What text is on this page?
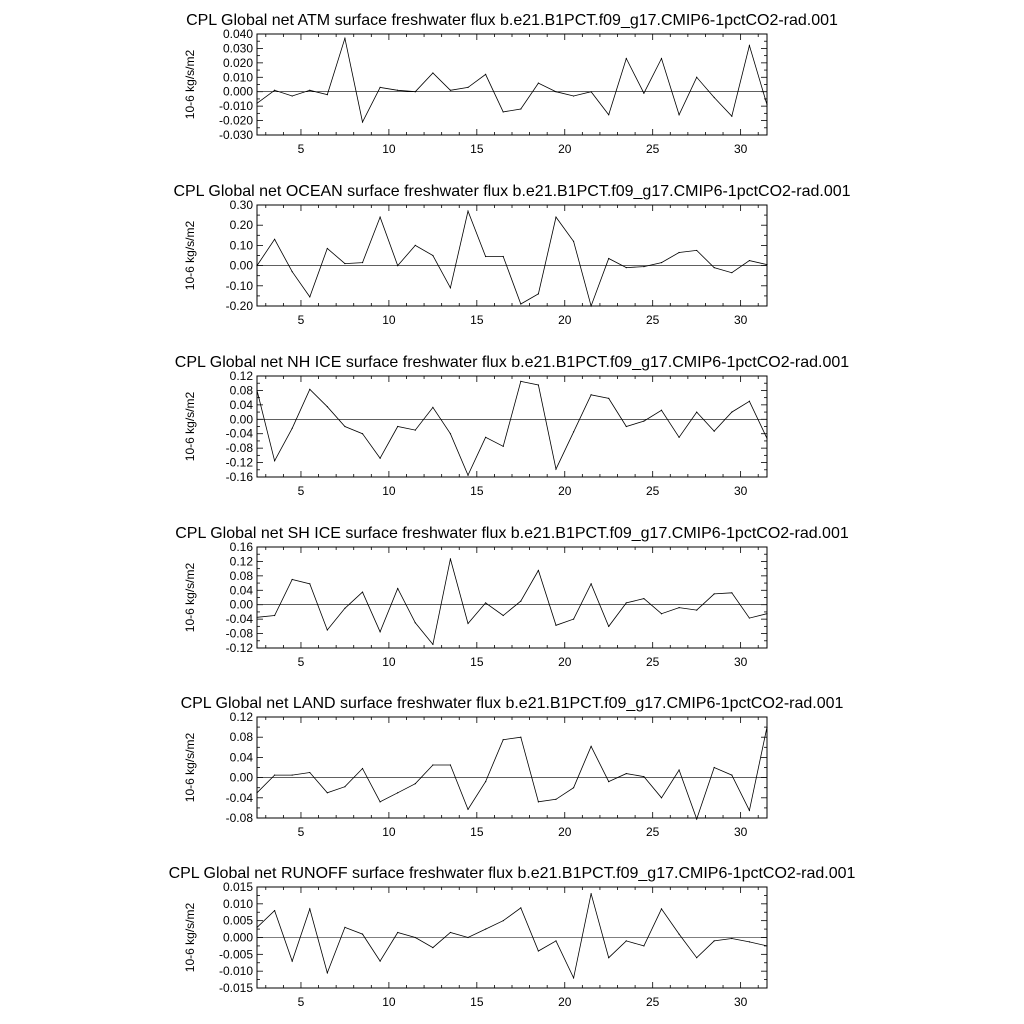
CPL Global net ATM surface freshwater flux b.e21.B1PCT.f09_g17.CMIP6-1pctCO2-rad.001
5	10	15	20	25	30
-0.030
-0.020
-0.010
0.000
0.010
0.020
0.030
0.040
10-6 kg/s/m2
CPL Global net OCEAN surface freshwater flux b.e21.B1PCT.f09_g17.CMIP6-1pctCO2-rad.001
5	10	15	20	25	30
-0.20
-0.10
0.00
0.10
0.20
0.30
10-6 kg/s/m2
CPL Global net NH ICE surface freshwater flux b.e21.B1PCT.f09_g17.CMIP6-1pctCO2-rad.001
5	10	15	20	25	30
-0.16
-0.12
-0.08
-0.04
0.00
0.04
0.08
0.12
10-6 kg/s/m2
CPL Global net SH ICE surface freshwater flux b.e21.B1PCT.f09_g17.CMIP6-1pctCO2-rad.001
5	10	15	20	25	30
-0.12
-0.08
-0.04
0.00
0.04
0.08
0.12
0.16
10-6 kg/s/m2
CPL Global net LAND surface freshwater flux b.e21.B1PCT.f09_g17.CMIP6-1pctCO2-rad.001
5	10	15	20	25	30
-0.08
-0.04
0.00
0.04
0.08
0.12
10-6 kg/s/m2
CPL Global net RUNOFF surface freshwater flux b.e21.B1PCT.f09_g17.CMIP6-1pctCO2-rad.001
5	10	15	20	25	30
-0.015
-0.010
-0.005
0.000
0.005
0.010
0.015
10-6 kg/s/m2
